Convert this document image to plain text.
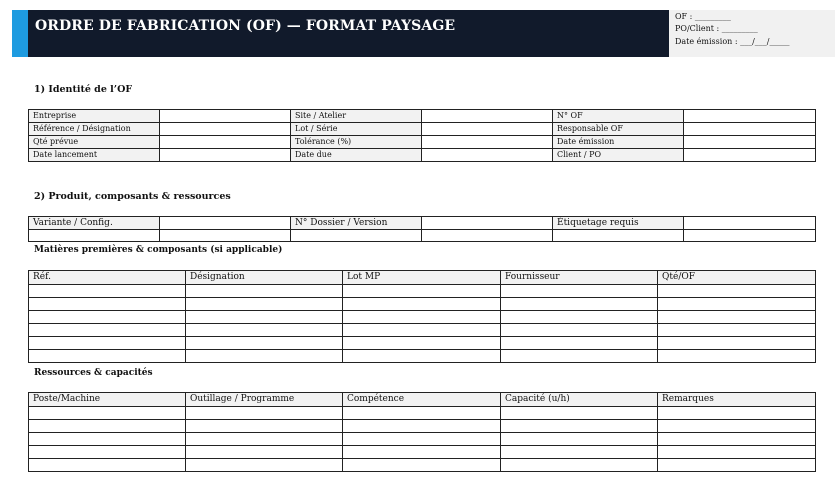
ORDRE DE FABRICATION (OF) — FORMAT PAYSAGE
OF : _________
PO/Client : _________
Date émission : ___/___/_____
1) Identité de l’OF
Entreprise		Site / Atelier		N° OF	
Référence / Désignation		Lot / Série		Responsable OF	
Qté prévue		Tolérance (%)		Date émission	
Date lancement		Date due		Client / PO	
2) Produit, composants & ressources
Variante / Config.		N° Dossier / Version		Étiquetage requis	

Matières premières & composants (si applicable)
Réf.	Désignation	Lot MP	Fournisseur	Qté/OF

Ressources & capacités
Poste/Machine	Outillage / Programme	Compétence	Capacité (u/h)	Remarques
